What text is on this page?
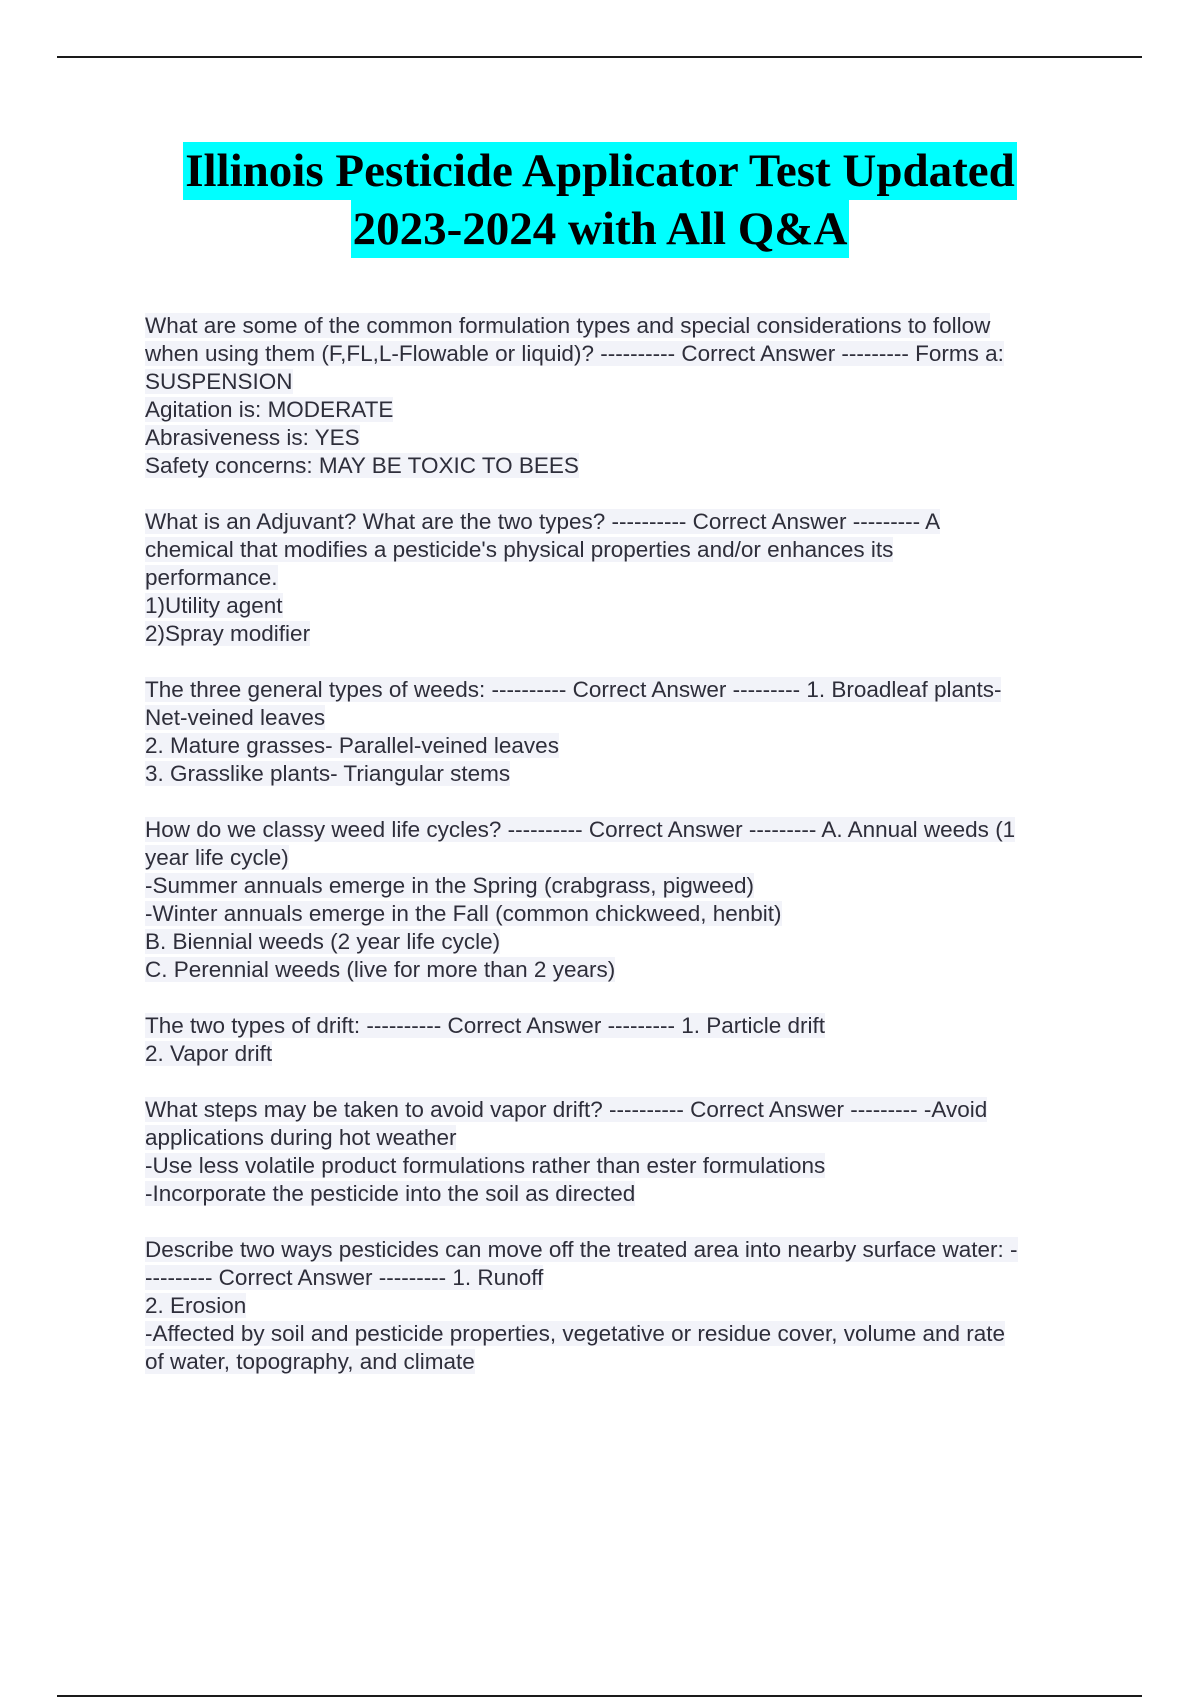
Illinois Pesticide Applicator Test Updated
2023-2024 with All Q&A
What are some of the common formulation types and special considerations to follow
when using them (F,FL,L-Flowable or liquid)? ---------- Correct Answer --------- Forms a:
SUSPENSION
Agitation is: MODERATE
Abrasiveness is: YES
Safety concerns: MAY BE TOXIC TO BEES
What is an Adjuvant? What are the two types? ---------- Correct Answer --------- A
chemical that modifies a pesticide's physical properties and/or enhances its
performance.
1)Utility agent
2)Spray modifier
The three general types of weeds: ---------- Correct Answer --------- 1. Broadleaf plants-
Net-veined leaves
2. Mature grasses- Parallel-veined leaves
3. Grasslike plants- Triangular stems
How do we classy weed life cycles? ---------- Correct Answer --------- A. Annual weeds (1
year life cycle)
-Summer annuals emerge in the Spring (crabgrass, pigweed)
-Winter annuals emerge in the Fall (common chickweed, henbit)
B. Biennial weeds (2 year life cycle)
C. Perennial weeds (live for more than 2 years)
The two types of drift: ---------- Correct Answer --------- 1. Particle drift
2. Vapor drift
What steps may be taken to avoid vapor drift? ---------- Correct Answer --------- -Avoid
applications during hot weather
-Use less volatile product formulations rather than ester formulations
-Incorporate the pesticide into the soil as directed
Describe two ways pesticides can move off the treated area into nearby surface water: -
--------- Correct Answer --------- 1. Runoff
2. Erosion
-Affected by soil and pesticide properties, vegetative or residue cover, volume and rate
of water, topography, and climate
